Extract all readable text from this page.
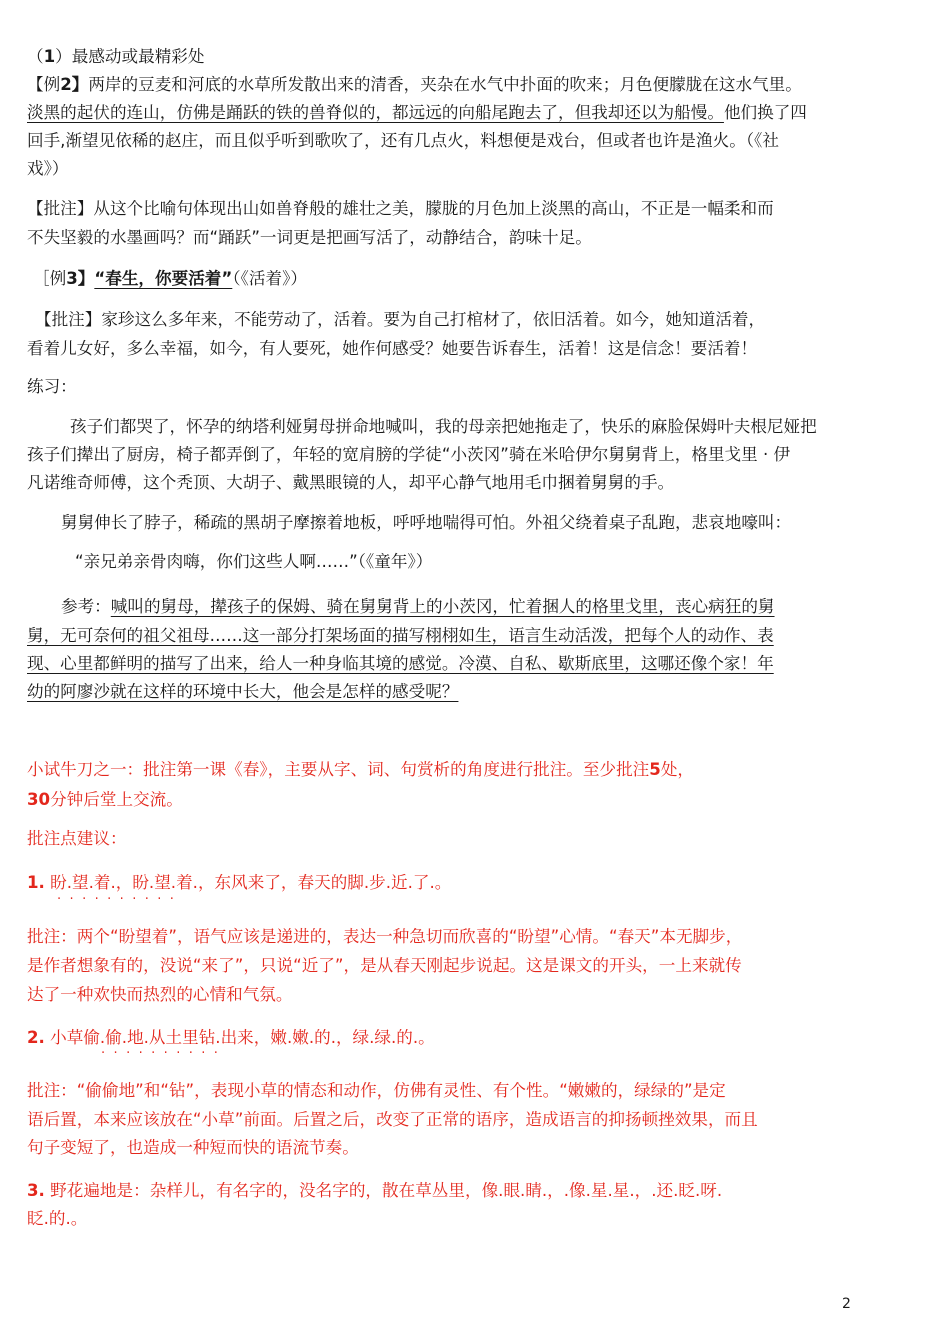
（1）最感动或最精彩处

【例2】两岸的豆麦和河底的水草所发散出来的清香，夹杂在水气中扑面的吹来；月色便朦胧在这水气里。

淡黑的起伏的连山，仿佛是踊跃的铁的兽脊似的，都远远的向船尾跑去了，但我却还以为船慢。他们换了四

回手,渐望见依稀的赵庄，而且似乎听到歌吹了，还有几点火，料想便是戏台，但或者也许是渔火。（《社

戏》）

【批注】从这个比喻句体现出山如兽脊般的雄壮之美，朦胧的月色加上淡黑的高山，不正是一幅柔和而

不失坚毅的水墨画吗？而“踊跃”一词更是把画写活了，动静结合，韵味十足。

［例3】“春生，你要活着”（《活着》）

【批注】家珍这么多年来，不能劳动了，活着。要为自己打棺材了，依旧活着。如今，她知道活着，

看着儿女好，多么幸福，如今，有人要死，她作何感受？她要告诉春生，活着！这是信念！要活着！

练习：

孩子们都哭了，怀孕的纳塔利娅舅母拼命地喊叫，我的母亲把她拖走了，快乐的麻脸保姆叶夫根尼娅把

孩子们撵出了厨房，椅子都弄倒了，年轻的宽肩膀的学徒“小茨冈”骑在米哈伊尔舅舅背上，格里戈里 · 伊

凡诺维奇师傅，这个秃顶、大胡子、戴黑眼镜的人，却平心静气地用毛巾捆着舅舅的手。

舅舅伸长了脖子，稀疏的黑胡子摩擦着地板，呼呼地喘得可怕。外祖父绕着桌子乱跑，悲哀地嚎叫：

“亲兄弟亲骨肉嗨，你们这些人啊……”（《童年》）

参考：喊叫的舅母，撵孩子的保姆、骑在舅舅背上的小茨冈，忙着捆人的格里戈里，丧心病狂的舅

舅，无可奈何的祖父祖母……这一部分打架场面的描写栩栩如生，语言生动活泼，把每个人的动作、表

现、心里都鲜明的描写了出来，给人一种身临其境的感觉。冷漠、自私、歇斯底里，这哪还像个家！年

幼的阿廖沙就在这样的环境中长大，他会是怎样的感受呢？

小试牛刀之一：批注第一课《春》，主要从字、词、句赏析的角度进行批注。至少批注5处，

30分钟后堂上交流。

批注点建议：

1. 盼.望.着.，盼.望.着.，东风来了，春天的脚.步.近.了.。

··········

批注：两个“盼望着”，语气应该是递进的，表达一种急切而欣喜的“盼望”心情。“春天”本无脚步，

是作者想象有的，没说“来了”，只说“近了”，是从春天刚起步说起。这是课文的开头，一上来就传

达了一种欢快而热烈的心情和气氛。

2. 小草偷.偷.地.从土里钻.出来，嫩.嫩.的.，绿.绿.的.。

··········

批注：“偷偷地”和“钻”，表现小草的情态和动作，仿佛有灵性、有个性。“嫩嫩的，绿绿的”是定

语后置，本来应该放在“小草”前面。后置之后，改变了正常的语序，造成语言的抑扬顿挫效果，而且

句子变短了，也造成一种短而快的语流节奏。

3. 野花遍地是：杂样儿，有名字的，没名字的，散在草丛里，像.眼.睛.，.像.星.星.，.还.眨.呀.

眨.的.。

2
